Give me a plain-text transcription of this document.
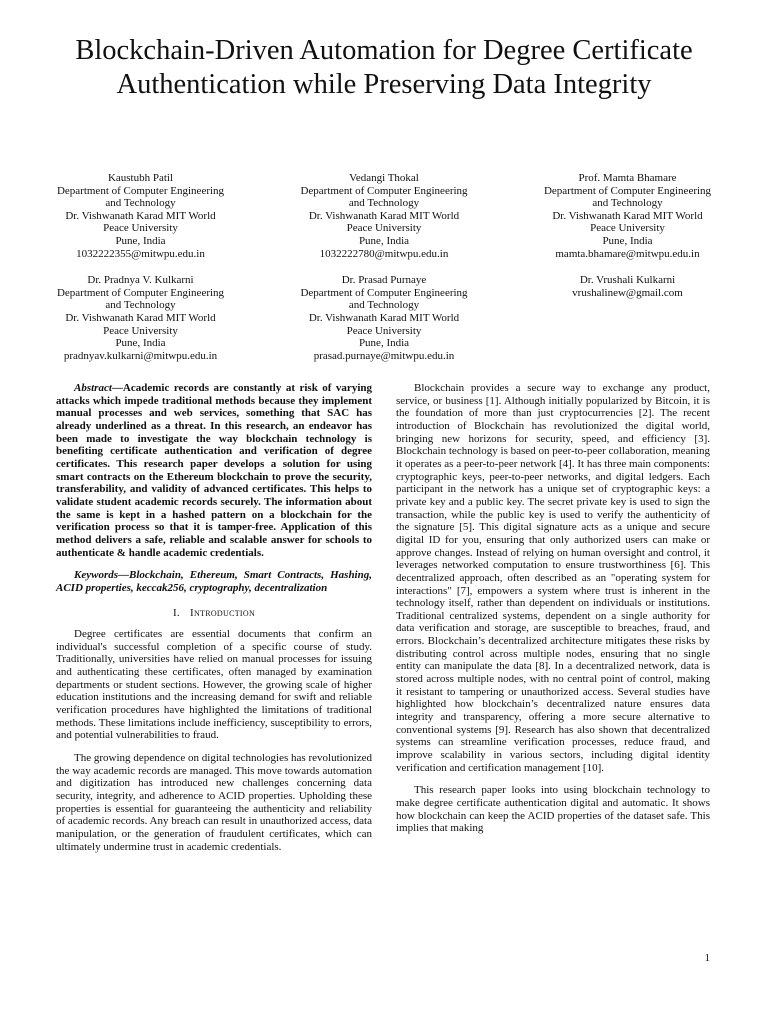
Blockchain-Driven Automation for Degree Certificate Authentication while Preserving Data Integrity
Kaustubh Patil
Department of Computer Engineering
and Technology
Dr. Vishwanath Karad MIT World
Peace University
Pune, India
1032222355@mitwpu.edu.in
Vedangi Thokal
Department of Computer Engineering
and Technology
Dr. Vishwanath Karad MIT World
Peace University
Pune, India
1032222780@mitwpu.edu.in
Prof. Mamta Bhamare
Department of Computer Engineering
and Technology
Dr. Vishwanath Karad MIT World
Peace University
Pune, India
mamta.bhamare@mitwpu.edu.in
Dr. Pradnya V. Kulkarni
Department of Computer Engineering
and Technology
Dr. Vishwanath Karad MIT World
Peace University
Pune, India
pradnyav.kulkarni@mitwpu.edu.in
Dr. Prasad Purnaye
Department of Computer Engineering
and Technology
Dr. Vishwanath Karad MIT World
Peace University
Pune, India
prasad.purnaye@mitwpu.edu.in
Dr. Vrushali Kulkarni
vrushalinew@gmail.com

Abstract—Academic records are constantly at risk of varying attacks which impede traditional methods because they implement manual processes and web services, something that SAC has already underlined as a threat. In this research, an endeavor has been made to investigate the way blockchain technology is benefiting certificate authentication and verification of degree certificates. This research paper develops a solution for using smart contracts on the Ethereum blockchain to prove the security, transferability, and validity of advanced certificates. This helps to validate student academic records securely. The information about the same is kept in a hashed pattern on a blockchain for the verification process so that it is tamper-free. Application of this method delivers a safe, reliable and scalable answer for schools to authenticate & handle academic credentials.

Keywords—Blockchain, Ethereum, Smart Contracts, Hashing, ACID properties, keccak256, cryptography, decentralization

I. Introduction

Degree certificates are essential documents that confirm an individual's successful completion of a specific course of study. Traditionally, universities have relied on manual processes for issuing and authenticating these certificates, often managed by examination departments or student sections. However, the growing scale of higher education institutions and the increasing demand for swift and reliable verification procedures have highlighted the limitations of traditional methods. These limitations include inefficiency, susceptibility to errors, and potential vulnerabilities to fraud.

The growing dependence on digital technologies has revolutionized the way academic records are managed. This move towards automation and digitization has introduced new challenges concerning data security, integrity, and adherence to ACID properties. Upholding these properties is essential for guaranteeing the authenticity and reliability of academic records. Any breach can result in unauthorized access, data manipulation, or the generation of fraudulent certificates, which can ultimately undermine trust in academic credentials.

Blockchain provides a secure way to exchange any product, service, or business [1]. Although initially popularized by Bitcoin, it is the foundation of more than just cryptocurrencies [2]. The recent introduction of Blockchain has revolutionized the digital world, bringing new horizons for security, speed, and efficiency [3]. Blockchain technology is based on peer-to-peer collaboration, meaning it operates as a peer-to-peer network [4]. It has three main components: cryptographic keys, peer-to-peer networks, and digital ledgers. Each participant in the network has a unique set of cryptographic keys: a private key and a public key. The secret private key is used to sign the transaction, while the public key is used to verify the authenticity of the signature [5]. This digital signature acts as a unique and secure digital ID for you, ensuring that only authorized users can make or approve changes. Instead of relying on human oversight and control, it leverages networked computation to ensure trustworthiness [6]. This decentralized approach, often described as an "operating system for interactions" [7], empowers a system where trust is inherent in the technology itself, rather than dependent on individuals or institutions. Traditional centralized systems, dependent on a single authority for data verification and storage, are susceptible to breaches, fraud, and errors. Blockchain’s decentralized architecture mitigates these risks by distributing control across multiple nodes, ensuring that no single entity can manipulate the data [8]. In a decentralized network, data is stored across multiple nodes, with no central point of control, making it resistant to tampering or unauthorized access. Several studies have highlighted how blockchain’s decentralized nature ensures data integrity and transparency, offering a more secure alternative to conventional systems [9]. Research has also shown that decentralized systems can streamline verification processes, reduce fraud, and improve scalability in various sectors, including digital identity verification and certification management [10].

This research paper looks into using blockchain technology to make degree certificate authentication digital and automatic. It shows how blockchain can keep the ACID properties of the dataset safe. This implies that making

1
